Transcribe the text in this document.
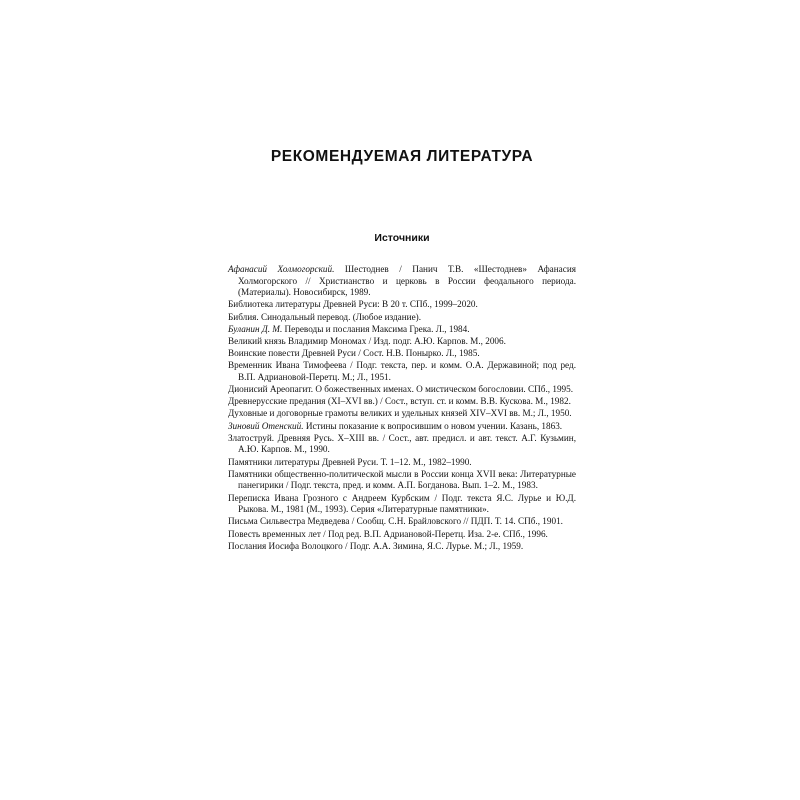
РЕКОМЕНДУЕМАЯ ЛИТЕРАТУРА
Источники
Афанасий Холмогорский. Шестоднев / Панич Т.В. «Шестоднев» Афанасия Холмогорского // Христианство и церковь в России феодального периода. (Материалы). Новосибирск, 1989.
Библиотека литературы Древней Руси: В 20 т. СПб., 1999–2020.
Библия. Синодальный перевод. (Любое издание).
Буланин Д. М. Переводы и послания Максима Грека. Л., 1984.
Великий князь Владимир Мономах / Изд. подг. А.Ю. Карпов. М., 2006.
Воинские повести Древней Руси / Сост. Н.В. Понырко. Л., 1985.
Временник Ивана Тимофеева / Подг. текста, пер. и комм. О.А. Державиной; под ред. В.П. Адриановой-Перетц. М.; Л., 1951.
Дионисий Ареопагит. О божественных именах. О мистическом богословии. СПб., 1995.
Древнерусские предания (XI–XVI вв.) / Сост., вступ. ст. и комм. В.В. Кускова. М., 1982.
Духовные и договорные грамоты великих и удельных князей XIV–XVI вв. М.; Л., 1950.
Зиновий Отенский. Истины показание к вопросившим о новом учении. Казань, 1863.
Златоструй. Древняя Русь. X–XIII вв. / Сост., авт. предисл. и авт. текст. А.Г. Кузьмин, А.Ю. Карпов. М., 1990.
Памятники литературы Древней Руси. Т. 1–12. М., 1982–1990.
Памятники общественно-политической мысли в России конца XVII века: Литературные панегирики / Подг. текста, пред. и комм. А.П. Богданова. Вып. 1–2. М., 1983.
Переписка Ивана Грозного с Андреем Курбским / Подг. текста Я.С. Лурье и Ю.Д. Рыкова. М., 1981 (М., 1993). Серия «Литературные памятники».
Письма Сильвестра Медведева / Сообщ. С.Н. Брайловского // ПДП. Т. 14. СПб., 1901.
Повесть временных лет / Под ред. В.П. Адриановой-Перетц. Иза. 2-е. СПб., 1996.
Послания Иосифа Волоцкого / Подг. А.А. Зимина, Я.С. Лурье. М.; Л., 1959.
